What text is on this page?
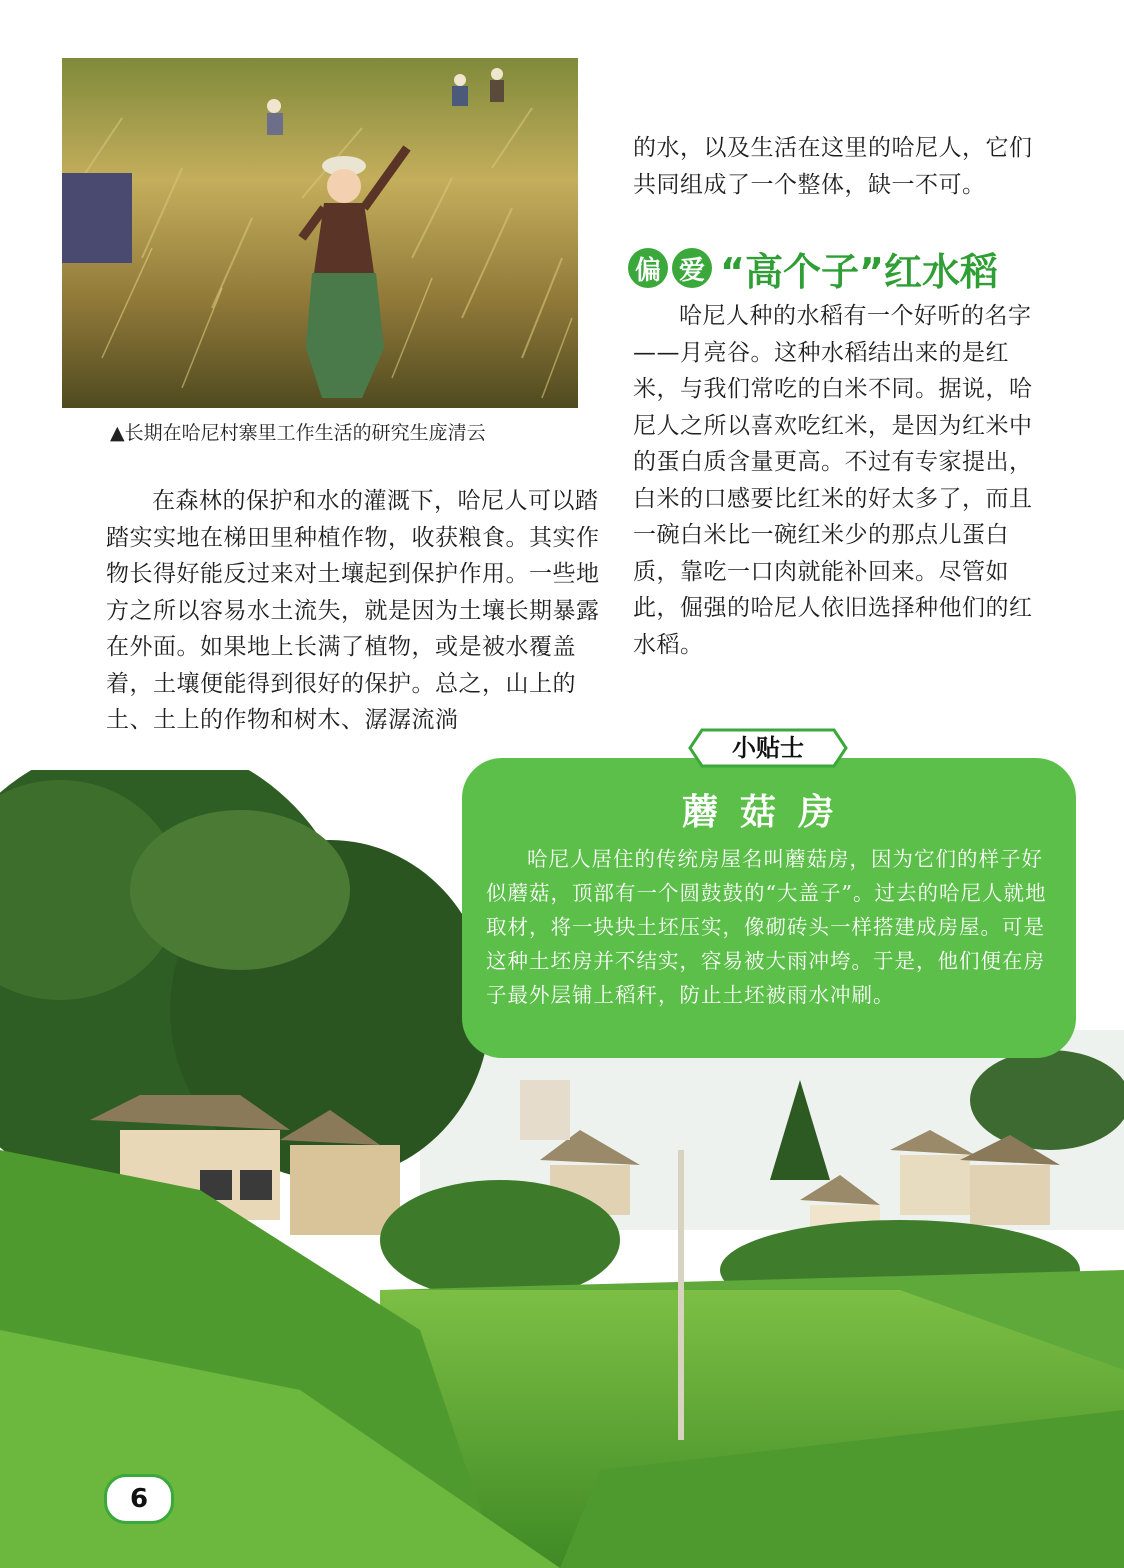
▲长期在哈尼村寨里工作生活的研究生庞清云

的水，以及生活在这里的哈尼人，它们共同组成了一个整体，缺一不可。

偏 爱 “高个子”红水稻

哈尼人种的水稻有一个好听的名字——月亮谷。这种水稻结出来的是红米，与我们常吃的白米不同。据说，哈尼人之所以喜欢吃红米，是因为红米中的蛋白质含量更高。不过有专家提出，白米的口感要比红米的好太多了，而且一碗白米比一碗红米少的那点儿蛋白质，靠吃一口肉就能补回来。尽管如此，倔强的哈尼人依旧选择种他们的红水稻。

在森林的保护和水的灌溉下，哈尼人可以踏踏实实地在梯田里种植作物，收获粮食。其实作物长得好能反过来对土壤起到保护作用。一些地方之所以容易水土流失，就是因为土壤长期暴露在外面。如果地上长满了植物，或是被水覆盖着，土壤便能得到很好的保护。总之，山上的土、土上的作物和树木、潺潺流淌

蘑菇房
哈尼人居住的传统房屋名叫蘑菇房，因为它们的样子好似蘑菇，顶部有一个圆鼓鼓的“大盖子”。过去的哈尼人就地取材，将一块块土坯压实，像砌砖头一样搭建成房屋。可是这种土坯房并不结实，容易被大雨冲垮。于是，他们便在房子最外层铺上稻秆，防止土坯被雨水冲刷。
小贴士
6
